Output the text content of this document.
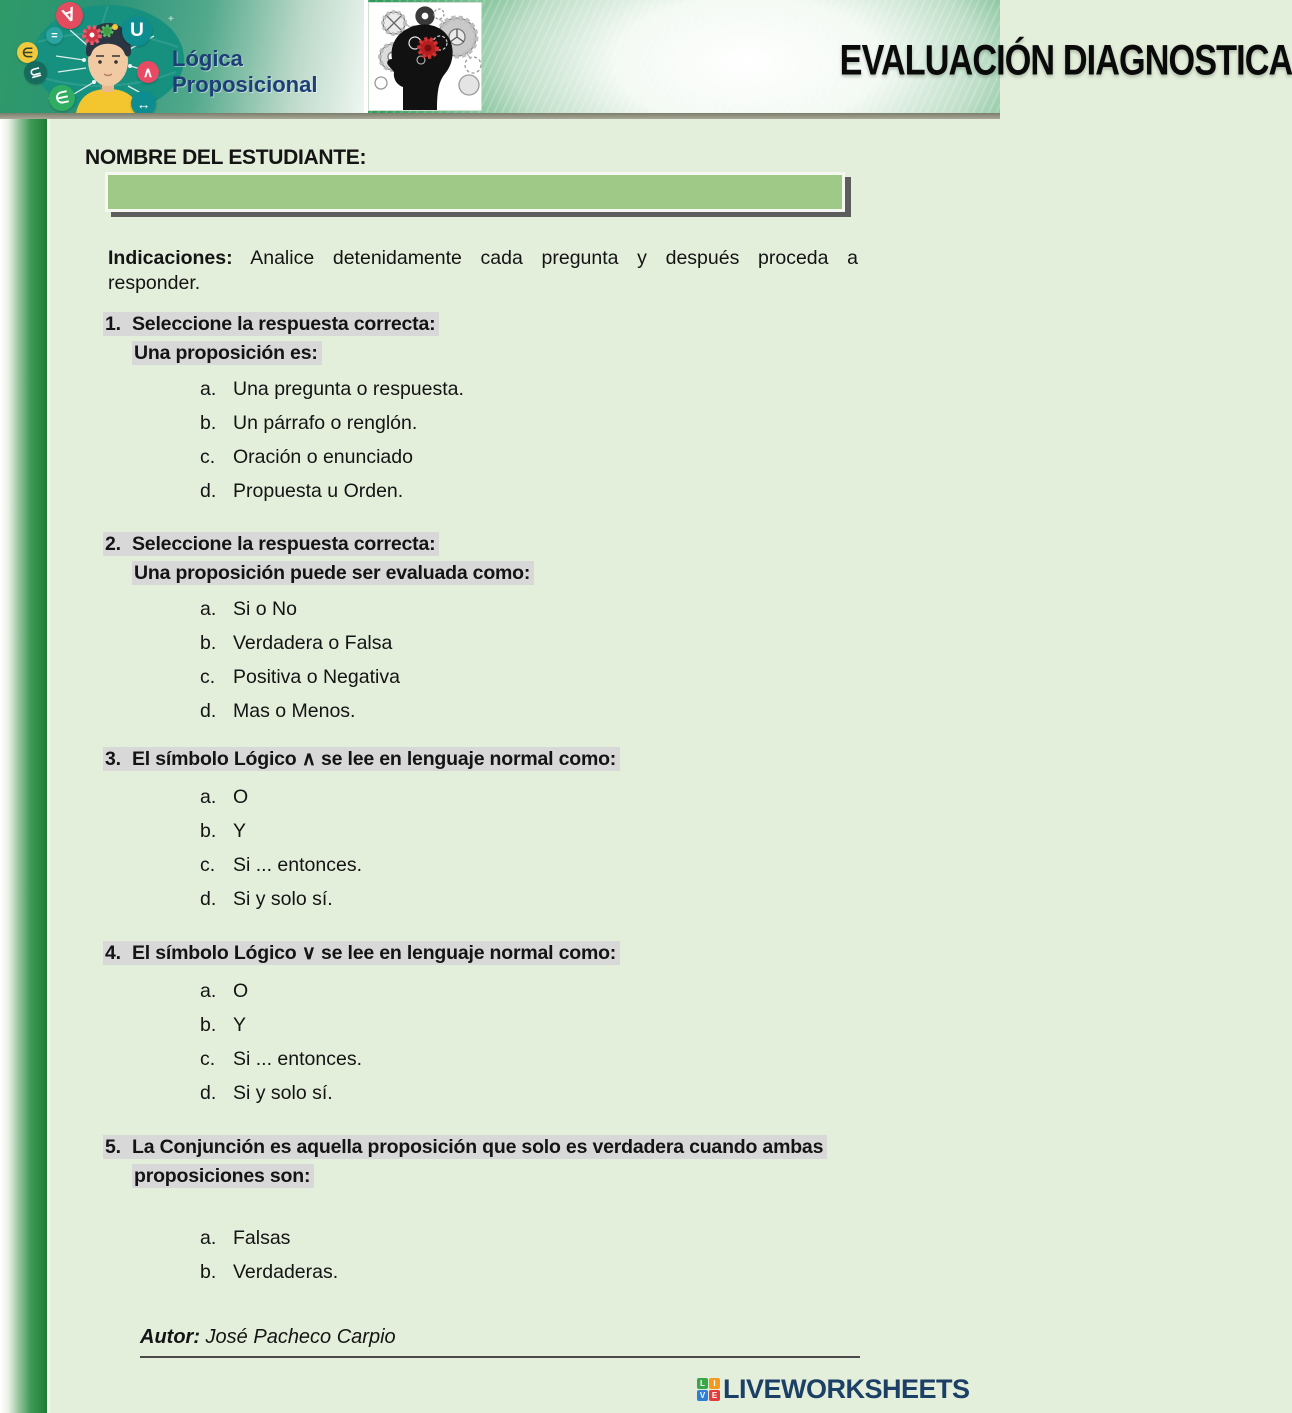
+
∀
=
∈
⊆
∈
U
∧
↔
Lógica Proposicional
EVALUACIÓN DIAGNOSTICA
NOMBRE DEL ESTUDIANTE:
Indicaciones: Analice detenidamente cada pregunta y después proceda a
responder.
1. Seleccione la respuesta correcta:
Una proposición es:
a. Una pregunta o respuesta.
b. Un párrafo o renglón.
c. Oración o enunciado
d. Propuesta u Orden.
2. Seleccione la respuesta correcta:
Una proposición puede ser evaluada como:
a. Si o No
b. Verdadera o Falsa
c. Positiva o Negativa
d. Mas o Menos.
3. El símbolo Lógico ∧ se lee en lenguaje normal como:
a. O
b. Y
c. Si ... entonces.
d. Si y solo sí.
4. El símbolo Lógico ∨ se lee en lenguaje normal como:
a. O
b. Y
c. Si ... entonces.
d. Si y solo sí.
5. La Conjunción es aquella proposición que solo es verdadera cuando ambas
proposiciones son:
a. Falsas
b. Verdaderas.
Autor: José Pacheco Carpio
L	I
V E LIVEWORKSHEETS
